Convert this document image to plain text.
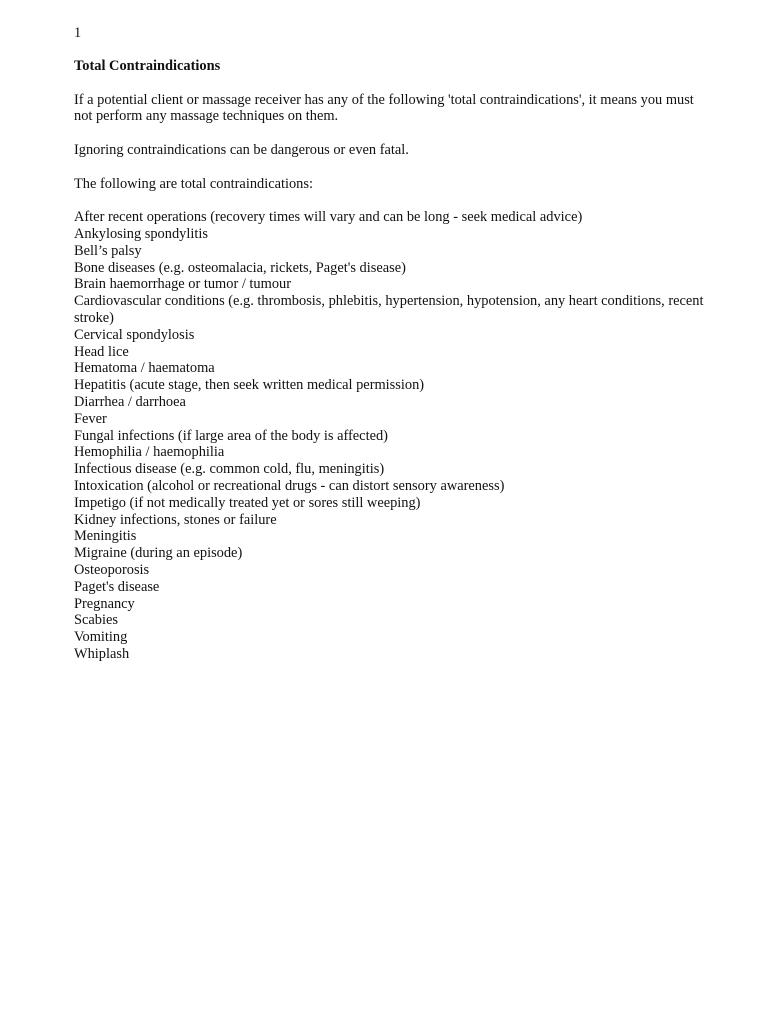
1

Total Contraindications

If a potential client or massage receiver has any of the following 'total contraindications', it means you must not perform any massage techniques on them.

Ignoring contraindications can be dangerous or even fatal.

The following are total contraindications:

After recent operations (recovery times will vary and can be long - seek medical advice)
Ankylosing spondylitis
Bell’s palsy
Bone diseases (e.g. osteomalacia, rickets, Paget's disease)
Brain haemorrhage or tumor / tumour
Cardiovascular conditions (e.g. thrombosis, phlebitis, hypertension, hypotension, any heart conditions, recent stroke)
Cervical spondylosis
Head lice
Hematoma / haematoma
Hepatitis (acute stage, then seek written medical permission)
Diarrhea / darrhoea
Fever
Fungal infections (if large area of the body is affected)
Hemophilia / haemophilia
Infectious disease (e.g. common cold, flu, meningitis)
Intoxication (alcohol or recreational drugs - can distort sensory awareness)
Impetigo (if not medically treated yet or sores still weeping)
Kidney infections, stones or failure
Meningitis
Migraine (during an episode)
Osteoporosis
Paget's disease
Pregnancy
Scabies
Vomiting
Whiplash
